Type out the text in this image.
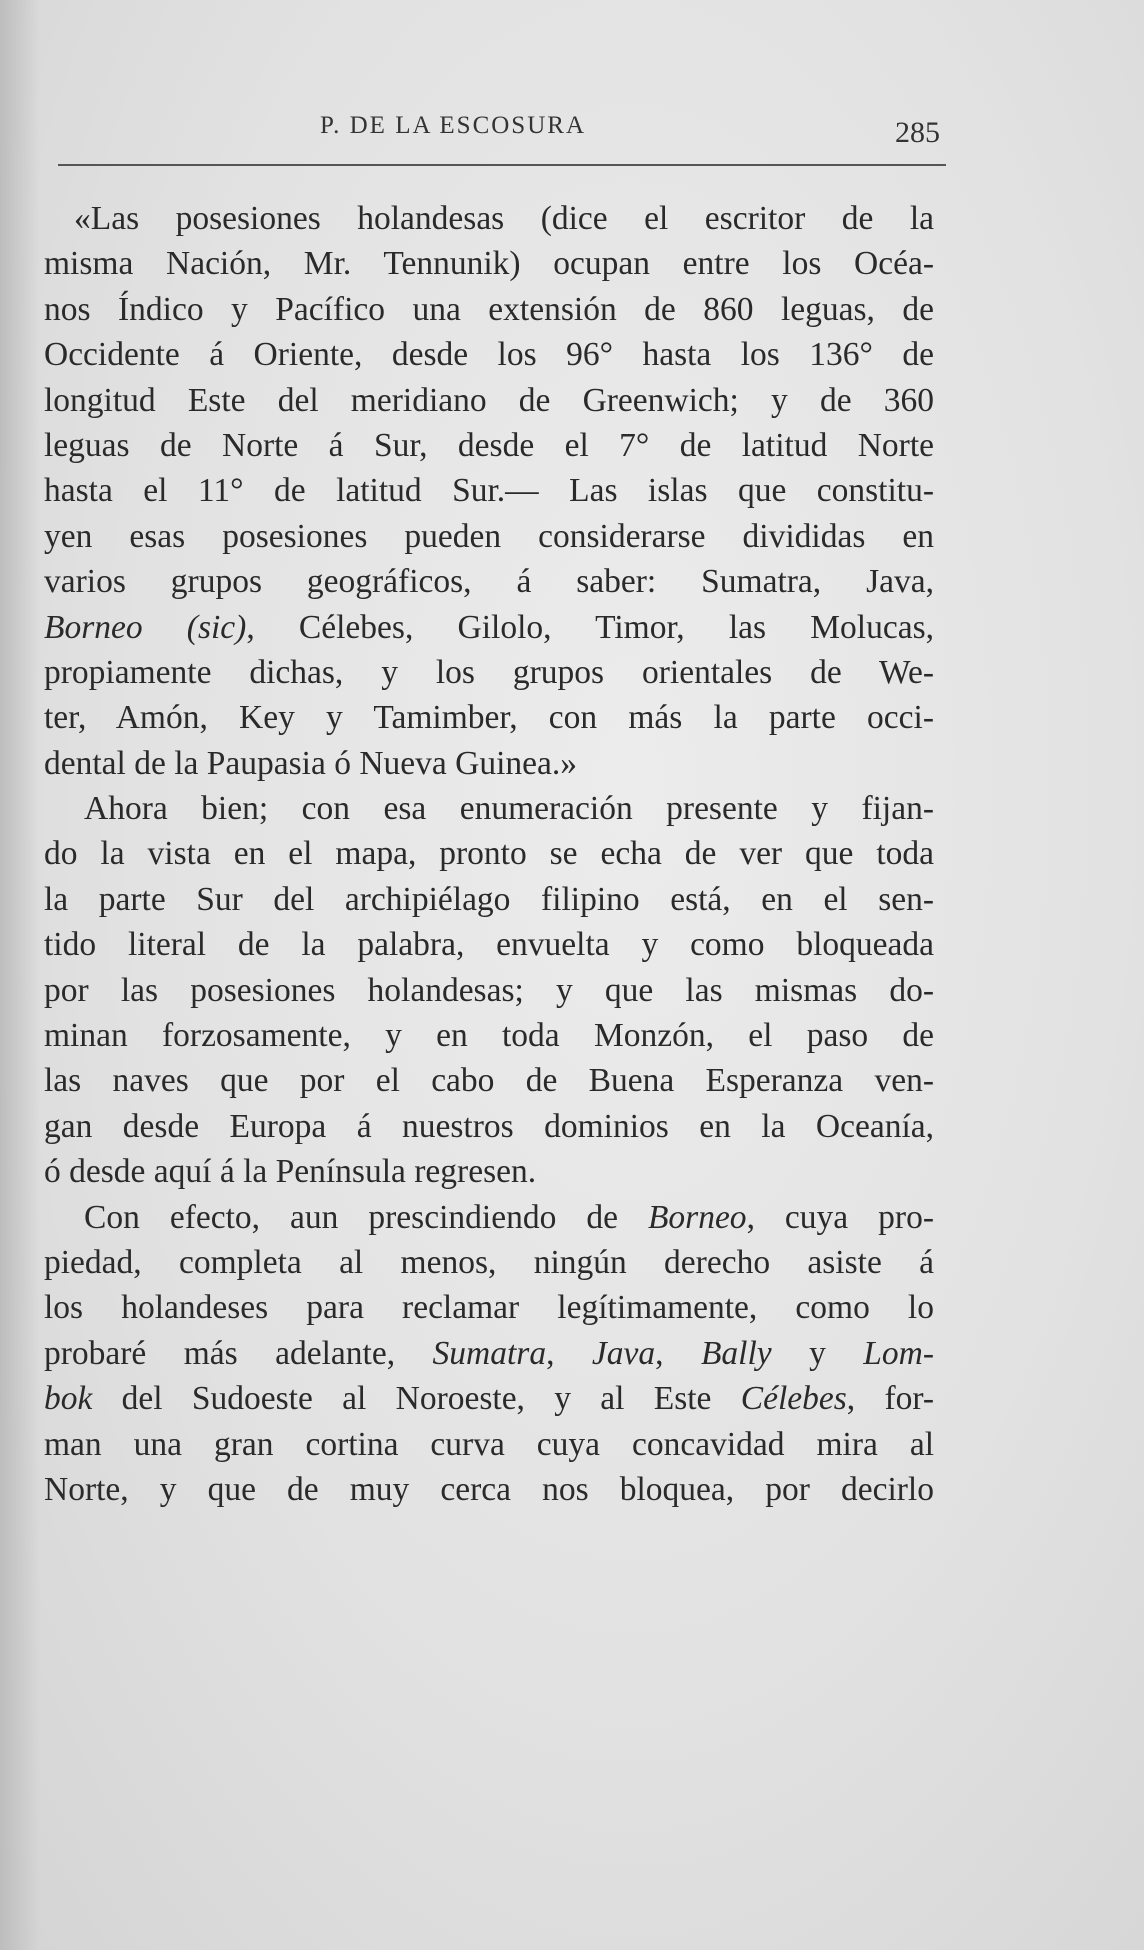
P. DE LA ESCOSURA	285
«Las posesiones holandesas (dice el escritor de la
misma Nación, Mr. Tennunik) ocupan entre los Océa-
nos Índico y Pacífico una extensión de 860 leguas, de
Occidente á Oriente, desde los 96° hasta los 136° de
longitud Este del meridiano de Greenwich; y de 360
leguas de Norte á Sur, desde el 7° de latitud Norte
hasta el 11° de latitud Sur.— Las islas que constitu-
yen esas posesiones pueden considerarse divididas en
varios grupos geográficos, á saber: Sumatra, Java,
Borneo (sic), Célebes, Gilolo, Timor, las Molucas,
propiamente dichas, y los grupos orientales de We-
ter, Amón, Key y Tamimber, con más la parte occi-
dental de la Paupasia ó Nueva Guinea.»
Ahora bien; con esa enumeración presente y fijan-
do la vista en el mapa, pronto se echa de ver que toda
la parte Sur del archipiélago filipino está, en el sen-
tido literal de la palabra, envuelta y como bloqueada
por las posesiones holandesas; y que las mismas do-
minan forzosamente, y en toda Monzón, el paso de
las naves que por el cabo de Buena Esperanza ven-
gan desde Europa á nuestros dominios en la Oceanía,
ó desde aquí á la Península regresen.
Con efecto, aun prescindiendo de Borneo, cuya pro-
piedad, completa al menos, ningún derecho asiste á
los holandeses para reclamar legítimamente, como lo
probaré más adelante, Sumatra, Java, Bally y Lom-
bok del Sudoeste al Noroeste, y al Este Célebes, for-
man una gran cortina curva cuya concavidad mira al
Norte, y que de muy cerca nos bloquea, por decirlo
